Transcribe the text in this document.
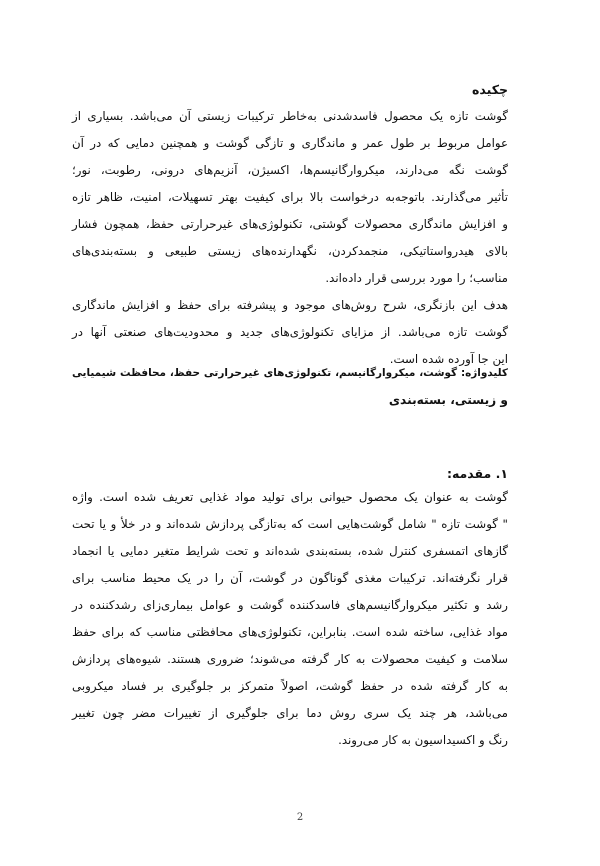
چکیده
گوشت تازه یک محصول فاسدشدنی به‌خاطر ترکیبات زیستی آن می‌باشد. بسیاری از
عوامل مربوط بر طول عمر و ماندگاری و تازگی گوشت و همچنین دمایی که در آن
گوشت نگه می‌دارند، میکروارگانیسم‌ها، اکسیژن، آنزیم‌های درونی، رطوبت، نور؛
تأثیر می‌گذارند. باتوجه‌به درخواست بالا برای کیفیت بهتر تسهیلات، امنیت، ظاهر تازه
و افزایش ماندگاری محصولات گوشتی، تکنولوژی‌های غیرحرارتی حفظ، همچون فشار
بالای هیدرواستاتیکی، منجمدکردن، نگهدارنده‌های زیستی طبیعی و بسته‌بندی‌های
مناسب؛ را مورد بررسی قرار داده‌اند.
هدف این بازنگری، شرح روش‌های موجود و پیشرفته برای حفظ و افزایش ماندگاری
گوشت تازه می‌باشد. از مزایای تکنولوژی‌های جدید و محدودیت‌های صنعتی آنها در
این جا آورده شده است.
کلیدواژه: گوشت، میکروارگانیسم، تکنولوژی‌های غیرحرارتی حفظ، محافظت شیمیایی
و زیستی، بسته‌بندی
۱. مقدمه:
گوشت به عنوان یک محصول حیوانی برای تولید مواد غذایی تعریف شده است. واژه
" گوشت تازه " شامل گوشت‌هایی است که به‌تازگی پردازش شده‌اند و در خلأ و یا تحت
گازهای اتمسفری کنترل شده، بسته‌بندی شده‌اند و تحت شرایط متغیر دمایی یا انجماد
قرار نگرفته‌اند. ترکیبات مغذی گوناگون در گوشت، آن را در یک محیط مناسب برای
رشد و تکثیر میکروارگانیسم‌های فاسدکننده گوشت و عوامل بیماری‌زای رشدکننده در
مواد غذایی، ساخته شده است. بنابراین، تکنولوژی‌های محافظتی مناسب که برای حفظ
سلامت و کیفیت محصولات به کار گرفته می‌شوند؛ ضروری هستند. شیوه‌های پردازش
به کار گرفته شده در حفظ گوشت، اصولاً متمرکز بر جلوگیری بر فساد میکروبی
می‌باشد، هر چند یک سری روش دما برای جلوگیری از تغییرات مضر چون تغییر
رنگ و اکسیداسیون به کار می‌روند.
2
